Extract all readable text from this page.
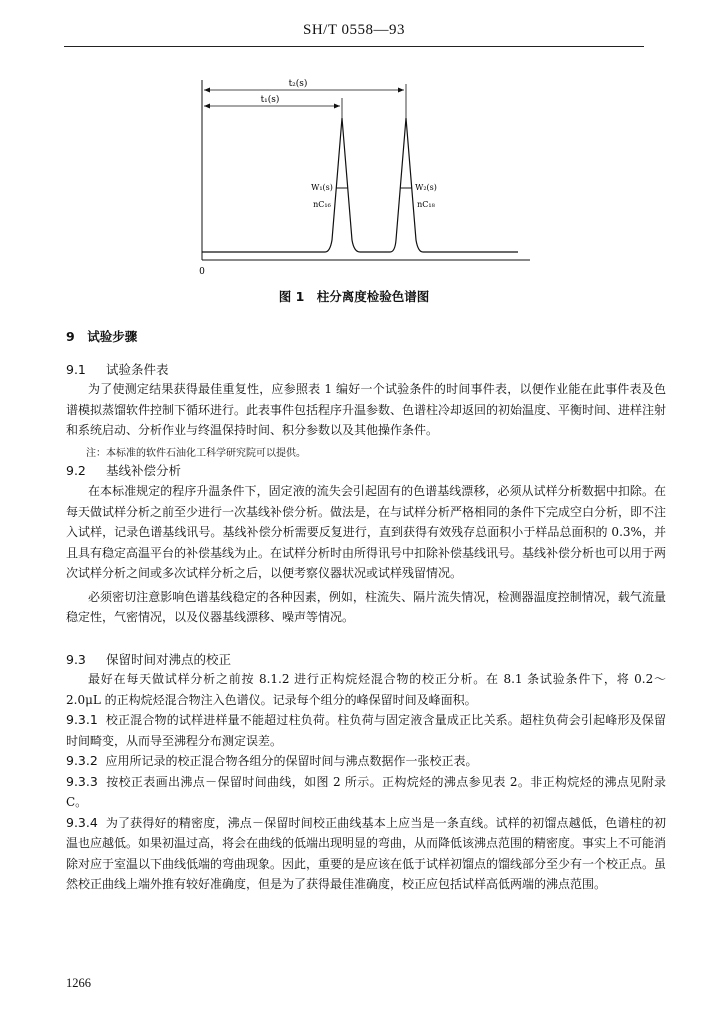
SH/T 0558—93
t₂(s)
t₁(s)
W₁(s)
nC₁₆
W₂(s)
nC₁₈
0
图 1　柱分离度检验色谱图
9　试验步骤
9.1 试验条件表

为了使测定结果获得最佳重复性，应参照表 1 编好一个试验条件的时间事件表，以便作业能在此事件表及色谱模拟蒸馏软件控制下循环进行。此表事件包括程序升温参数、色谱柱冷却返回的初始温度、平衡时间、进样注射和系统启动、分析作业与终温保持时间、积分参数以及其他操作条件。

注：本标准的软件石油化工科学研究院可以提供。
9.2 基线补偿分析

在本标准规定的程序升温条件下，固定液的流失会引起固有的色谱基线漂移，必须从试样分析数据中扣除。在每天做试样分析之前至少进行一次基线补偿分析。做法是，在与试样分析严格相同的条件下完成空白分析，即不注入试样，记录色谱基线讯号。基线补偿分析需要反复进行，直到获得有效残存总面积小于样品总面积的 0.3%，并且具有稳定高温平台的补偿基线为止。在试样分析时由所得讯号中扣除补偿基线讯号。基线补偿分析也可以用于两次试样分析之间或多次试样分析之后，以便考察仪器状况或试样残留情况。

必须密切注意影响色谱基线稳定的各种因素，例如，柱流失、隔片流失情况，检测器温度控制情况，载气流量稳定性，气密情况，以及仪器基线漂移、噪声等情况。

9.3 保留时间对沸点的校正

最好在每天做试样分析之前按 8.1.2 进行正构烷烃混合物的校正分析。在 8.1 条试验条件下，将 0.2～2.0μL 的正构烷烃混合物注入色谱仪。记录每个组分的峰保留时间及峰面积。

9.3.1 校正混合物的试样进样量不能超过柱负荷。柱负荷与固定液含量成正比关系。超柱负荷会引起峰形及保留时间畸变，从而导至沸程分布测定误差。

9.3.2 应用所记录的校正混合物各组分的保留时间与沸点数据作一张校正表。

9.3.3 按校正表画出沸点－保留时间曲线，如图 2 所示。正构烷烃的沸点参见表 2。非正构烷烃的沸点见附录 C。

9.3.4 为了获得好的精密度，沸点－保留时间校正曲线基本上应当是一条直线。试样的初馏点越低，色谱柱的初温也应越低。如果初温过高，将会在曲线的低端出现明显的弯曲，从而降低该沸点范围的精密度。事实上不可能消除对应于室温以下曲线低端的弯曲现象。因此，重要的是应该在低于试样初馏点的馏线部分至少有一个校正点。虽然校正曲线上端外推有较好准确度，但是为了获得最佳准确度，校正应包括试样高低两端的沸点范围。

1266
